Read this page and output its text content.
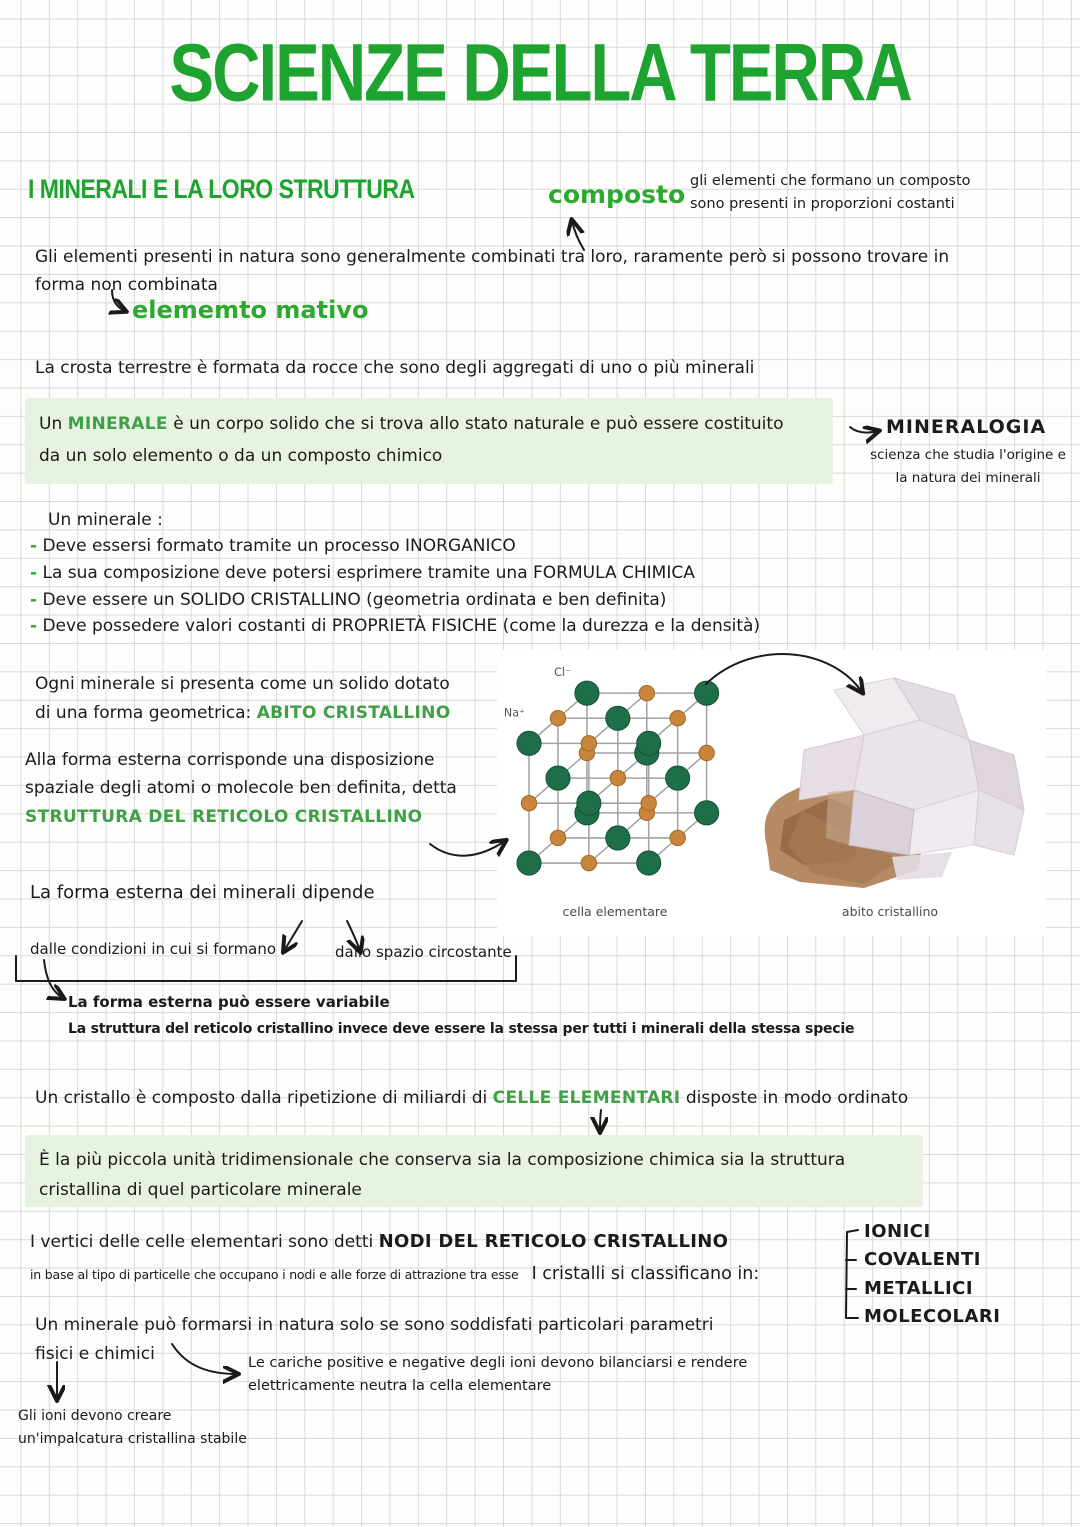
SCIENZE DELLA TERRA
I MINERALI E LA LORO STRUTTURA	composto gli elementi che formano un composto
sono presenti in proporzioni costanti
Gli elementi presenti in natura sono generalmente combinati tra loro, raramente però si possono trovare in
forma non combinata
elememto mativo
La crosta terrestre è formata da rocce che sono degli aggregati di uno o più minerali
Un MINERALE è un corpo solido che si trova allo stato naturale e può essere costituito
da un solo elemento o da un composto chimico
MINERALOGIA
scienza che studia l'origine e
la natura dei minerali
Un minerale :
- Deve essersi formato tramite un processo INORGANICO
- La sua composizione deve potersi esprimere tramite una FORMULA CHIMICA
- Deve essere un SOLIDO CRISTALLINO (geometria ordinata e ben definita)
- Deve possedere valori costanti di PROPRIETÀ FISICHE (come la durezza e la densità)
Ogni minerale si presenta come un solido dotato
di una forma geometrica: ABITO CRISTALLINO
Alla forma esterna corrisponde una disposizione
spaziale degli atomi o molecole ben definita, detta
STRUTTURA DEL RETICOLO CRISTALLINO
Cl⁻
Na⁺
cella elementare	abito cristallino
La forma esterna dei minerali dipende
dalle condizioni in cui si formano	dallo spazio circostante
La forma esterna può essere variabile
La struttura del reticolo cristallino invece deve essere la stessa per tutti i minerali della stessa specie
Un cristallo è composto dalla ripetizione di miliardi di CELLE ELEMENTARI disposte in modo ordinato
È la più piccola unità tridimensionale che conserva sia la composizione chimica sia la struttura
cristallina di quel particolare minerale
I vertici delle celle elementari sono detti NODI DEL RETICOLO CRISTALLINO
in base al tipo di particelle che occupano i nodi e alle forze di attrazione tra esse I cristalli si classificano in:
IONICI
COVALENTI
METALLICI
MOLECOLARI
Un minerale può formarsi in natura solo se sono soddisfati particolari parametri
fisici e chimici	Le cariche positive e negative degli ioni devono bilanciarsi e rendere
elettricamente neutra la cella elementare
Gli ioni devono creare
un'impalcatura cristallina stabile
